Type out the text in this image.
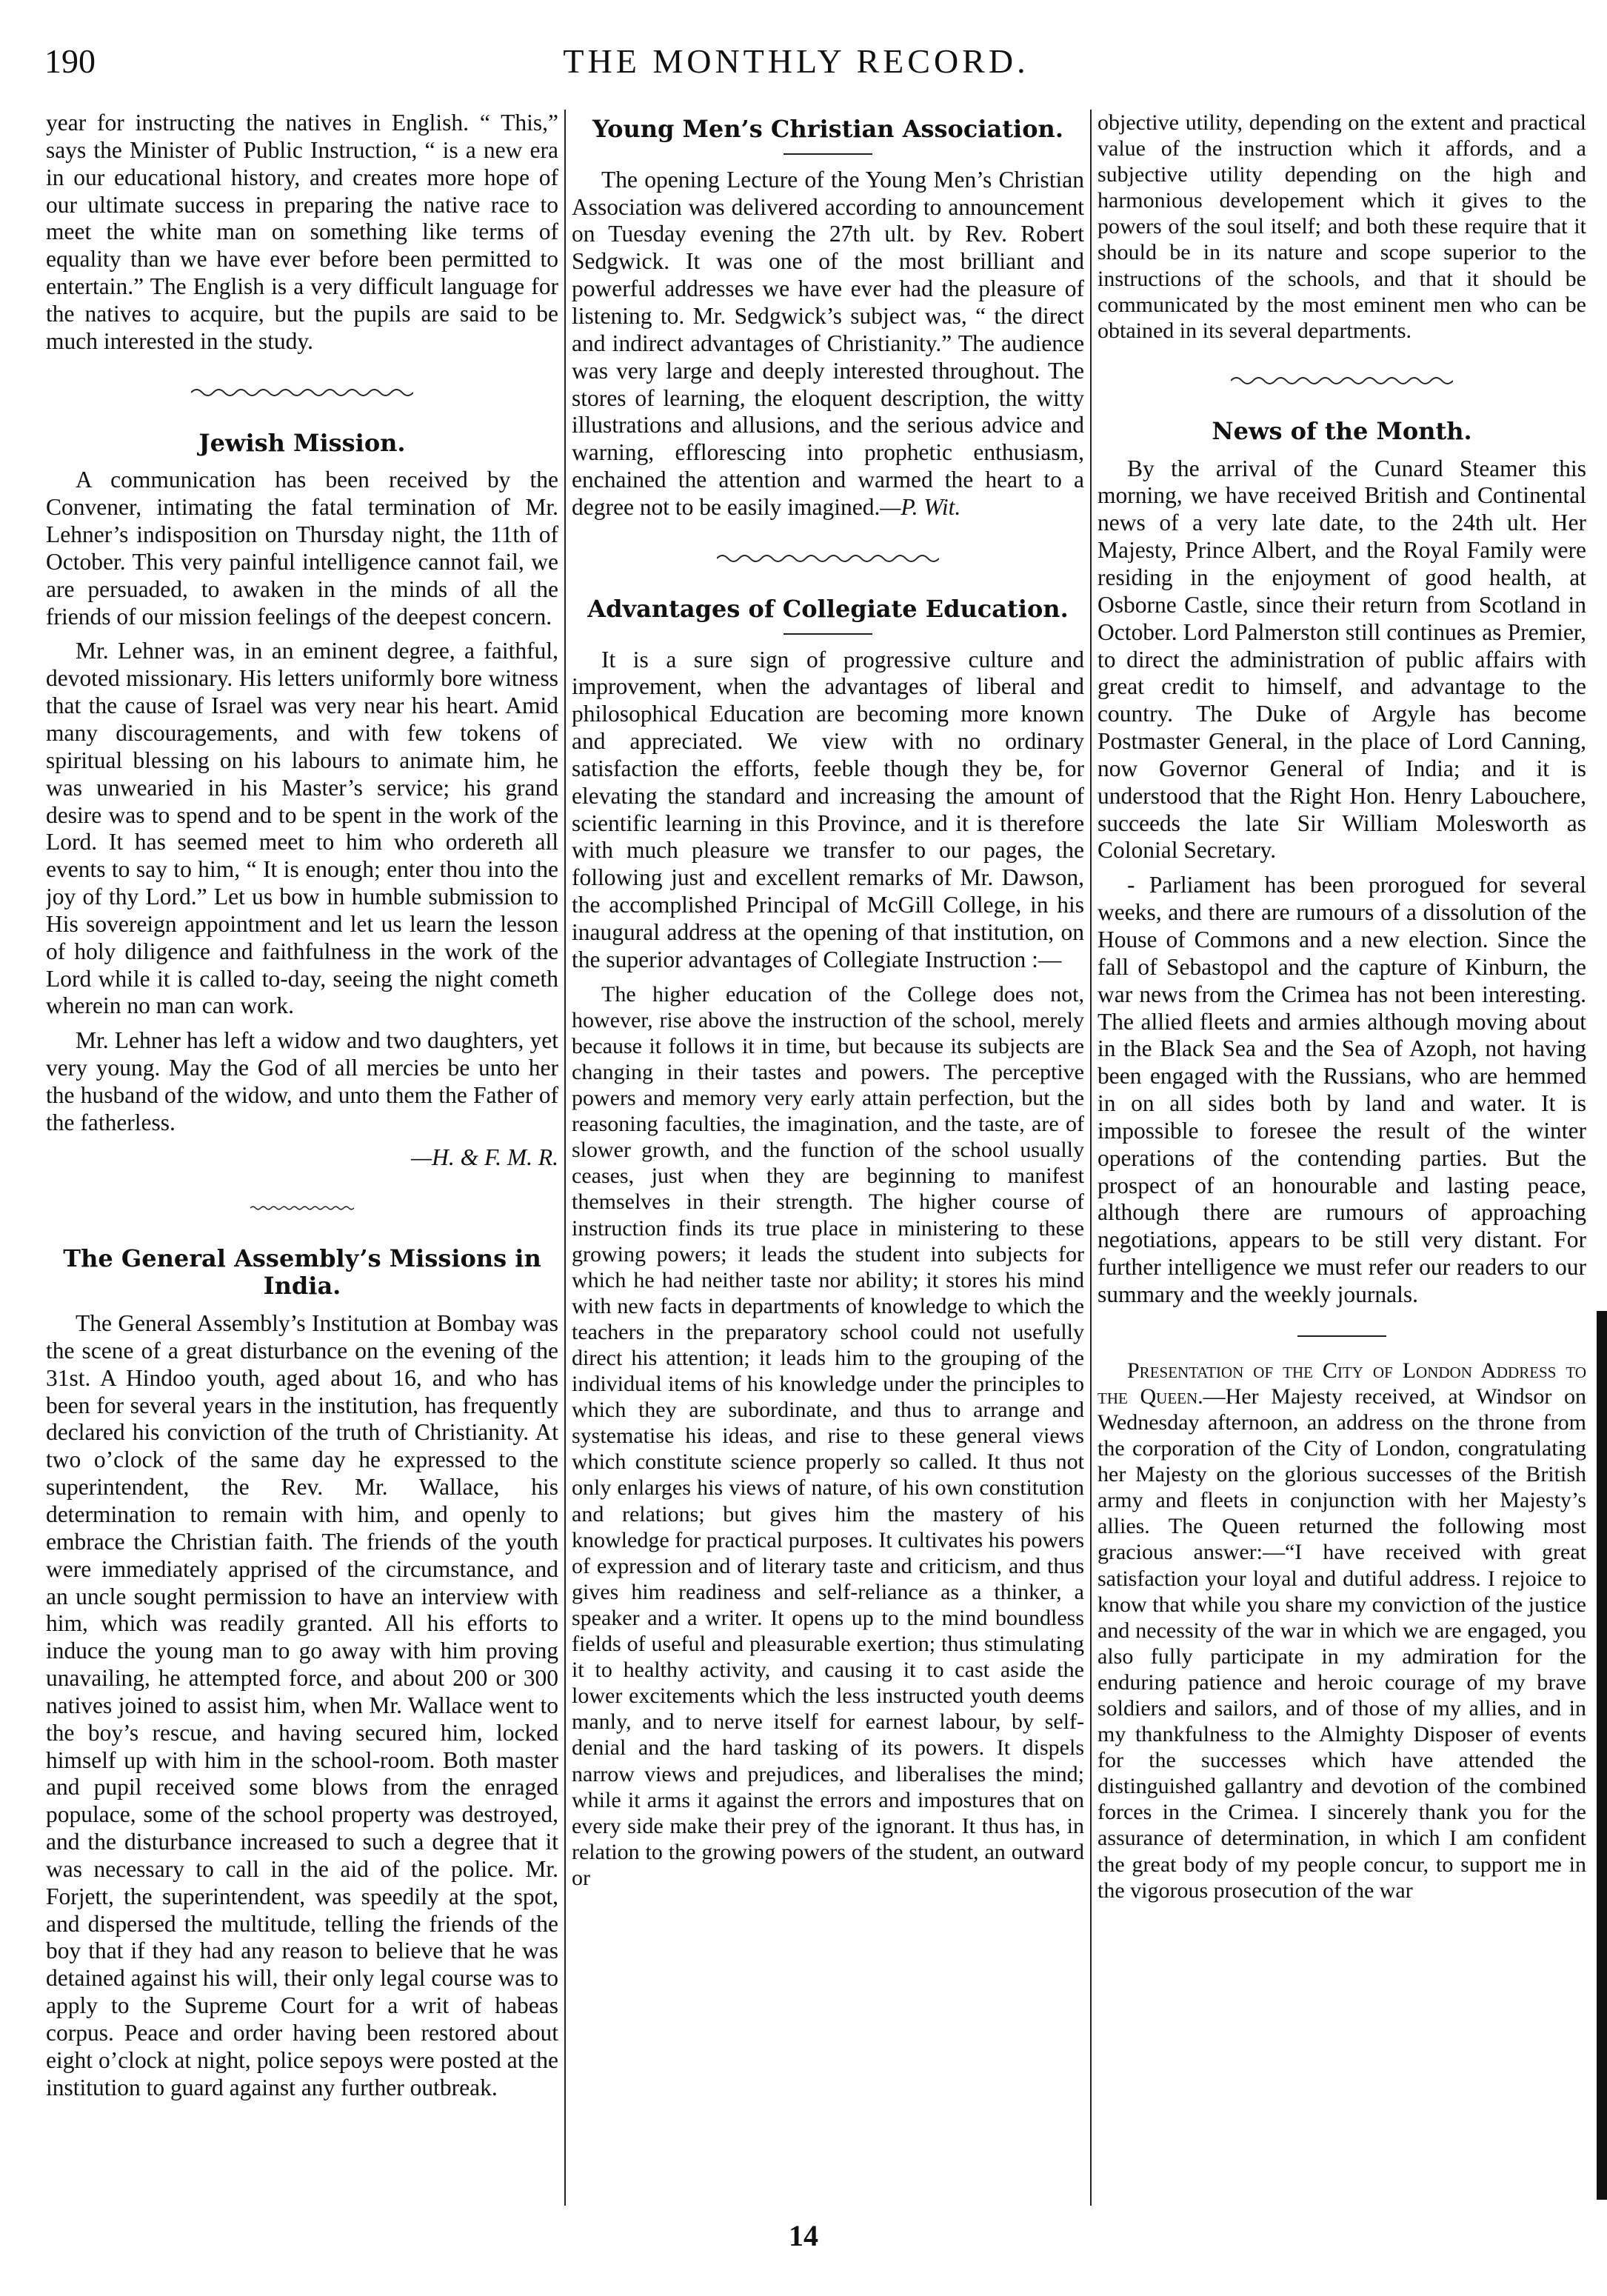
190	THE MONTHLY RECORD.

year for instructing the natives in English. “ This,” says the Minister of Public Instruction, “ is a new era in our educational history, and creates more hope of our ultimate success in preparing the native race to meet the white man on something like terms of equality than we have ever before been permitted to entertain.” The English is a very difficult language for the natives to acquire, but the pupils are said to be much interested in the study.

Jewish Mission.

A communication has been received by the Convener, intimating the fatal termination of Mr. Lehner’s indisposition on Thursday night, the 11th of October. This very painful intelligence cannot fail, we are persuaded, to awaken in the minds of all the friends of our mission feelings of the deepest concern.

Mr. Lehner was, in an eminent degree, a faithful, devoted missionary. His letters uniformly bore witness that the cause of Israel was very near his heart. Amid many discouragements, and with few tokens of spiritual blessing on his labours to animate him, he was unwearied in his Master’s service; his grand desire was to spend and to be spent in the work of the Lord. It has seemed meet to him who ordereth all events to say to him, “ It is enough; enter thou into the joy of thy Lord.” Let us bow in humble submission to His sovereign appointment and let us learn the lesson of holy diligence and faithfulness in the work of the Lord while it is called to-day, seeing the night cometh wherein no man can work.

Mr. Lehner has left a widow and two daughters, yet very young. May the God of all mercies be unto her the husband of the widow, and unto them the Father of the fatherless.

—H. & F. M. R.

The General Assembly’s Missions in India.

The General Assembly’s Institution at Bombay was the scene of a great disturbance on the evening of the 31st. A Hindoo youth, aged about 16, and who has been for several years in the institution, has frequently declared his conviction of the truth of Christianity. At two o’clock of the same day he expressed to the superintendent, the Rev. Mr. Wallace, his determination to remain with him, and openly to embrace the Christian faith. The friends of the youth were immediately apprised of the circumstance, and an uncle sought permission to have an interview with him, which was readily granted. All his efforts to induce the young man to go away with him proving unavailing, he attempted force, and about 200 or 300 natives joined to assist him, when Mr. Wallace went to the boy’s rescue, and having secured him, locked himself up with him in the school-room. Both master and pupil received some blows from the enraged populace, some of the school property was destroyed, and the disturbance increased to such a degree that it was necessary to call in the aid of the police. Mr. Forjett, the superintendent, was speedily at the spot, and dispersed the multitude, telling the friends of the boy that if they had any reason to believe that he was detained against his will, their only legal course was to apply to the Supreme Court for a writ of habeas corpus. Peace and order having been restored about eight o’clock at night, police sepoys were posted at the institution to guard against any further outbreak.

Young Men’s Christian Association.

The opening Lecture of the Young Men’s Christian Association was delivered according to announcement on Tuesday evening the 27th ult. by Rev. Robert Sedgwick. It was one of the most brilliant and powerful addresses we have ever had the pleasure of listening to. Mr. Sedgwick’s subject was, “ the direct and indirect advantages of Christianity.” The audience was very large and deeply interested throughout. The stores of learning, the eloquent description, the witty illustrations and allusions, and the serious advice and warning, efflorescing into prophetic enthusiasm, enchained the attention and warmed the heart to a degree not to be easily imagined.—P. Wit.

Advantages of Collegiate Education.

It is a sure sign of progressive culture and improvement, when the advantages of liberal and philosophical Education are becoming more known and appreciated. We view with no ordinary satisfaction the efforts, feeble though they be, for elevating the standard and increasing the amount of scientific learning in this Province, and it is therefore with much pleasure we transfer to our pages, the following just and excellent remarks of Mr. Dawson, the accomplished Principal of McGill College, in his inaugural address at the opening of that institution, on the superior advantages of Collegiate Instruction :—

The higher education of the College does not, however, rise above the instruction of the school, merely because it follows it in time, but because its subjects are changing in their tastes and powers. The perceptive powers and memory very early attain perfection, but the reasoning faculties, the imagination, and the taste, are of slower growth, and the function of the school usually ceases, just when they are beginning to manifest themselves in their strength. The higher course of instruction finds its true place in ministering to these growing powers; it leads the student into subjects for which he had neither taste nor ability; it stores his mind with new facts in departments of knowledge to which the teachers in the preparatory school could not usefully direct his attention; it leads him to the grouping of the individual items of his knowledge under the principles to which they are subordinate, and thus to arrange and systematise his ideas, and rise to these general views which constitute science properly so called. It thus not only enlarges his views of nature, of his own constitution and relations; but gives him the mastery of his knowledge for practical purposes. It cultivates his powers of expression and of literary taste and criticism, and thus gives him readiness and self-reliance as a thinker, a speaker and a writer. It opens up to the mind boundless fields of useful and pleasurable exertion; thus stimulating it to healthy activity, and causing it to cast aside the lower excitements which the less instructed youth deems manly, and to nerve itself for earnest labour, by self-denial and the hard tasking of its powers. It dispels narrow views and prejudices, and liberalises the mind; while it arms it against the errors and impostures that on every side make their prey of the ignorant. It thus has, in relation to the growing powers of the student, an outward or

objective utility, depending on the extent and practical value of the instruction which it affords, and a subjective utility depending on the high and harmonious developement which it gives to the powers of the soul itself; and both these require that it should be in its nature and scope superior to the instructions of the schools, and that it should be communicated by the most eminent men who can be obtained in its several departments.

News of the Month.

By the arrival of the Cunard Steamer this morning, we have received British and Continental news of a very late date, to the 24th ult. Her Majesty, Prince Albert, and the Royal Family were residing in the enjoyment of good health, at Osborne Castle, since their return from Scotland in October. Lord Palmerston still continues as Premier, to direct the administration of public affairs with great credit to himself, and advantage to the country. The Duke of Argyle has become Postmaster General, in the place of Lord Canning, now Governor General of India; and it is understood that the Right Hon. Henry Labouchere, succeeds the late Sir William Molesworth as Colonial Secretary.

- Parliament has been prorogued for several weeks, and there are rumours of a dissolution of the House of Commons and a new election. Since the fall of Sebastopol and the capture of Kinburn, the war news from the Crimea has not been interesting. The allied fleets and armies although moving about in the Black Sea and the Sea of Azoph, not having been engaged with the Russians, who are hemmed in on all sides both by land and water. It is impossible to foresee the result of the winter operations of the contending parties. But the prospect of an honourable and lasting peace, although there are rumours of approaching negotiations, appears to be still very distant. For further intelligence we must refer our readers to our summary and the weekly journals.

Presentation of the City of London Address to the Queen.—Her Majesty received, at Windsor on Wednesday afternoon, an address on the throne from the corporation of the City of London, congratulating her Majesty on the glorious successes of the British army and fleets in conjunction with her Majesty’s allies. The Queen returned the following most gracious answer:—“I have received with great satisfaction your loyal and dutiful address. I rejoice to know that while you share my conviction of the justice and necessity of the war in which we are engaged, you also fully participate in my admiration for the enduring patience and heroic courage of my brave soldiers and sailors, and of those of my allies, and in my thankfulness to the Almighty Disposer of events for the successes which have attended the distinguished gallantry and devotion of the combined forces in the Crimea. I sincerely thank you for the assurance of determination, in which I am confident the great body of my people concur, to support me in the vigorous prosecution of the war

14
